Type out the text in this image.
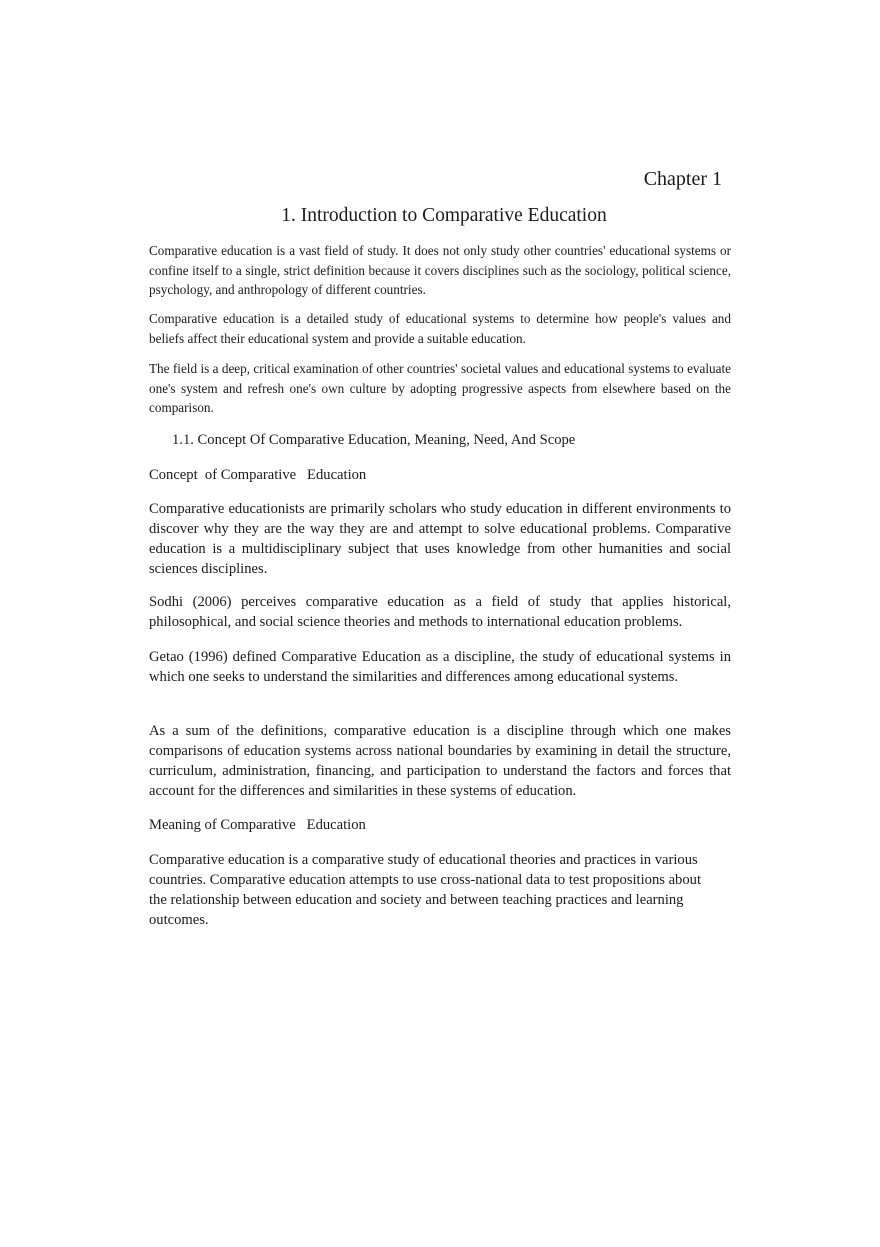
Chapter 1
1. Introduction to Comparative Education

Comparative education is a vast field of study. It does not only study other countries' educational systems or confine itself to a single, strict definition because it covers disciplines such as the sociology, political science, psychology, and anthropology of different countries.

Comparative education is a detailed study of educational systems to determine how people's values and beliefs affect their educational system and provide a suitable education.

The field is a deep, critical examination of other countries' societal values and educational systems to evaluate one's system and refresh one's own culture by adopting progressive aspects from elsewhere based on the comparison.

1.1. Concept Of Comparative Education, Meaning, Need, And Scope
Concept  of Comparative   Education

Comparative educationists are primarily scholars who study education in different environments to discover why they are the way they are and attempt to solve educational problems. Comparative education is a multidisciplinary subject that uses knowledge from other humanities and social sciences disciplines.

Sodhi (2006) perceives comparative education as a field of study that applies historical, philosophical, and social science theories and methods to international education problems.

Getao (1996) defined Comparative Education as a discipline, the study of educational systems in which one seeks to understand the similarities and differences among educational systems.

As a sum of the definitions, comparative education is a discipline through which one makes comparisons of education systems across national boundaries by examining in detail the structure, curriculum, administration, financing, and participation to understand the factors and forces that account for the differences and similarities in these systems of education.

Meaning of Comparative   Education

Comparative education is a comparative study of educational theories and practices in various countries. Comparative education attempts to use cross-national data to test propositions about the relationship between education and society and between teaching practices and learning outcomes.
